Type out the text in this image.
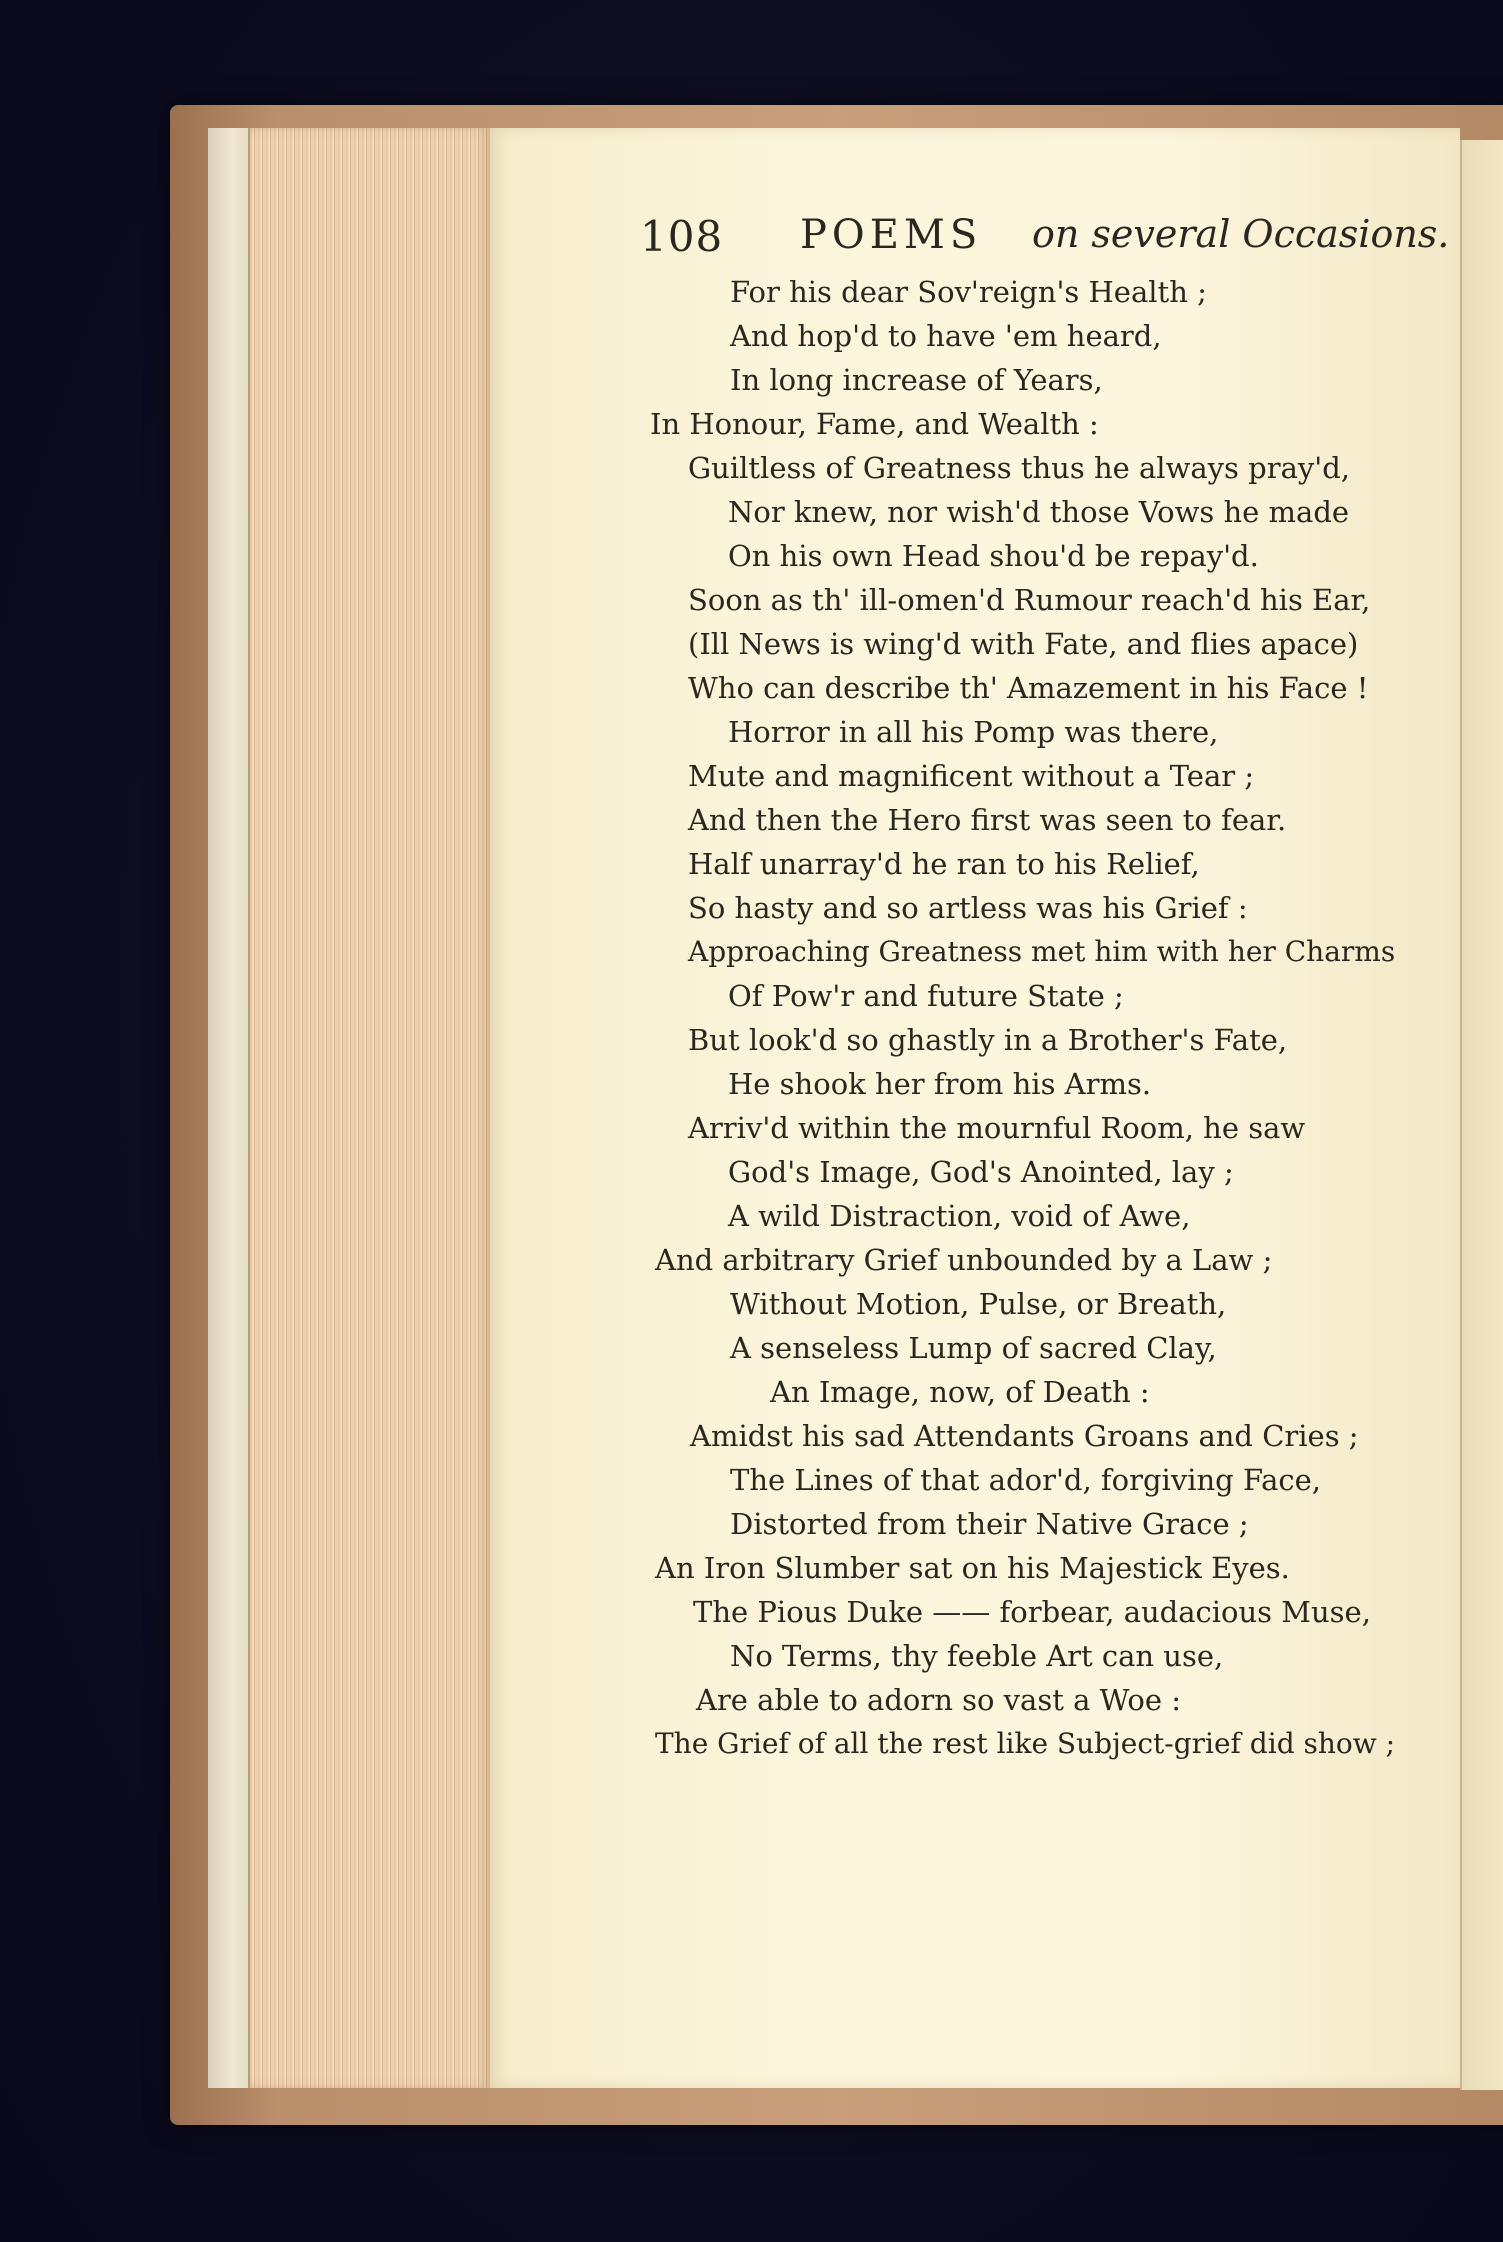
108 POEMS on several Occasions.
For his dear Sov'reign's Health ;
And hop'd to have 'em heard,
In long increase of Years,
In Honour, Fame, and Wealth :
Guiltless of Greatness thus he always pray'd,
Nor knew, nor wish'd those Vows he made
On his own Head shou'd be repay'd.
Soon as th' ill-omen'd Rumour reach'd his Ear,
(Ill News is wing'd with Fate, and flies apace)
Who can describe th' Amazement in his Face !
Horror in all his Pomp was there,
Mute and magnificent without a Tear ;
And then the Hero first was seen to fear.
Half unarray'd he ran to his Relief,
So hasty and so artless was his Grief :
Approaching Greatness met him with her Charms
Of Pow'r and future State ;
But look'd so ghastly in a Brother's Fate,
He shook her from his Arms.
Arriv'd within the mournful Room, he saw
God's Image, God's Anointed, lay ;
A wild Distraction, void of Awe,
And arbitrary Grief unbounded by a Law ;
Without Motion, Pulse, or Breath,
A senseless Lump of sacred Clay,
An Image, now, of Death :
Amidst his sad Attendants Groans and Cries ;
The Lines of that ador'd, forgiving Face,
Distorted from their Native Grace ;
An Iron Slumber sat on his Majestick Eyes.
The Pious Duke —— forbear, audacious Muse,
No Terms, thy feeble Art can use,
Are able to adorn so vast a Woe :
The Grief of all the rest like Subject-grief did show ;
